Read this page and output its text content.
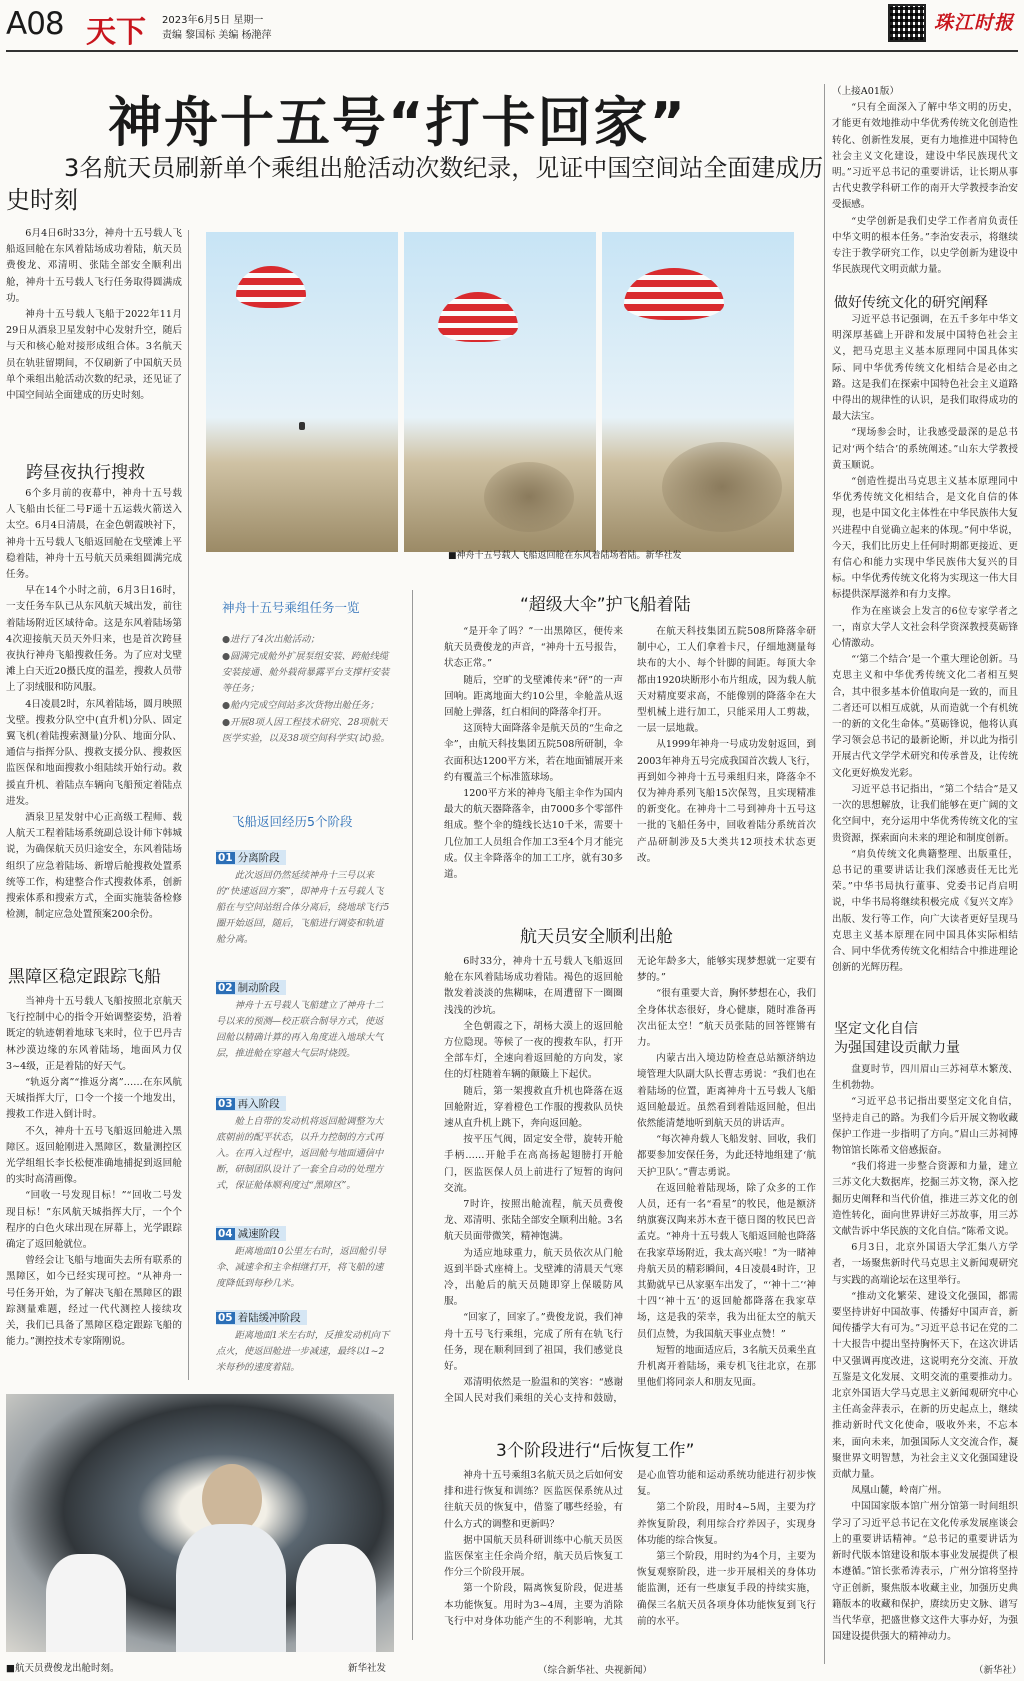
A08 天下 2023年6月5日 星期一
责编 黎国标 美编 杨滟萍
珠江时报
神舟十五号“打卡回家”
3名航天员刷新单个乘组出舱活动次数纪录，见证中国空间站全面建成历史时刻

6月4日6时33分，神舟十五号载人飞船返回舱在东风着陆场成功着陆，航天员费俊龙、邓清明、张陆全部安全顺利出舱，神舟十五号载人飞行任务取得圆满成功。

神舟十五号载人飞船于2022年11月29日从酒泉卫星发射中心发射升空，随后与天和核心舱对接形成组合体。3名航天员在轨驻留期间，不仅刷新了中国航天员单个乘组出舱活动次数的纪录，还见证了中国空间站全面建成的历史时刻。

跨昼夜执行搜救

6个多月前的夜幕中，神舟十五号载人飞船由长征二号F遥十五运载火箭送入太空。6月4日清晨，在金色朝霞映衬下，神舟十五号载人飞船返回舱在戈壁滩上平稳着陆，神舟十五号航天员乘组圆满完成任务。

早在14个小时之前，6月3日16时，一支任务车队已从东风航天城出发，前往着陆场附近区域待命。这是东风着陆场第4次迎接航天员天外归来，也是首次跨昼夜执行神舟飞船搜救任务。为了应对戈壁滩上白天近20摄氏度的温差，搜救人员带上了羽绒服和防风服。

4日凌晨2时，东风着陆场，圆月映照戈壁。搜救分队空中(直升机)分队、固定翼飞机(着陆搜索测量)分队、地面分队、通信与指挥分队、搜救支援分队、搜救医监医保和地面搜救小组陆续开始行动。救援直升机、着陆点车辆向飞船预定着陆点进发。

酒泉卫星发射中心正高级工程师、载人航天工程着陆场系统副总设计师卞韩城说，为确保航天员归途安全，东风着陆场组织了应急着陆场、新增后舱搜救处置系统等工作，构建整合作式搜救体系，创新搜索体系和搜索方式，全面实施装备检修检测，制定应急处置预案200余份。

黑障区稳定跟踪飞船

当神舟十五号载人飞船按照北京航天飞行控制中心的指令开始调整姿势，沿着既定的轨迹朝着地球飞来时，位于巴丹吉林沙漠边缘的东风着陆场，地面风力仅3~4级，正是着陆的好天气。

“轨返分离”“推返分离”……在东风航天城指挥大厅，口令一个接一个地发出，搜救工作进入倒计时。

不久，神舟十五号飞船返回舱进入黑障区。返回舱刚进入黑障区，数量测控区光学组组长李长松便准确地捕捉到返回舱的实时高清画像。

“回收一号发现目标！”“回收二号发现目标！”东风航天城指挥大厅，一个个程序的白色火球出现在屏幕上，光学跟踪确定了返回舱就位。

曾经会让飞船与地面失去所有联系的黑障区，如今已经实现可控。“从神舟一号任务开始，为了解决飞船在黑障区的跟踪测量难题，经过一代代测控人接续攻关，我们已具备了黑障区稳定跟踪飞船的能力。”测控技术专家隋刚说。

■神舟十五号载人飞船返回舱在东风着陆场着陆。新华社发
神舟十五号乘组任务一览
●进行了4次出舱活动；
●圆满完成舱外扩展泵组安装、跨舱线缆安装接通、舱外载荷暴露平台支撑杆安装等任务；
●舱内完成空间站多次货物出舱任务；
●开展8项人因工程技术研究、28项航天医学实验，以及38项空间科学实(试)验。
飞船返回经历5个阶段
01 分离阶段
此次返回仍然延续神舟十三号以来的“快速返回方案”，即神舟十五号载人飞船在与空间站组合体分离后，绕地球飞行5圈开始返回，随后，飞船进行调姿和轨道舱分离。
02 制动阶段
神舟十五号载人飞船建立了神舟十二号以来的预测—校正联合制导方式，使返回舱以精确计算的再入角度进入地球大气层，推进舱在穿越大气层时烧毁。
03 再入阶段
舱上自带的发动机将返回舱调整为大底朝前的配平状态，以升力控制的方式再入。在再入过程中，返回舱与地面通信中断，研制团队设计了一套全自动的处理方式，保证舱体顺利度过“黑障区”。
04 减速阶段
距离地面10公里左右时，返回舱引导伞、减速伞和主伞相继打开，将飞船的速度降低到每秒几米。
05 着陆缓冲阶段
距离地面1米左右时，反推发动机向下点火，使返回舱进一步减速，最终以1~2米每秒的速度着陆。
“超级大伞”护飞船着陆

“是开伞了吗？”一出黑障区，便传来航天员费俊龙的声音，“神舟十五号报告，状态正常。”

随后，空旷的戈壁滩传来“砰”的一声回响。距离地面大约10公里，伞舱盖从返回舱上弹落，红白相间的降落伞打开。

这顶特大面降落伞是航天员的“生命之伞”，由航天科技集团五院508所研制，伞衣面积达1200平方米，若在地面铺展开来约有覆盖三个标准篮球场。

1200平方米的神舟飞船主伞作为国内最大的航天器降落伞，由7000多个零部件组成。整个伞的缝线长达10千米，需要十几位加工人员组合作加工3至4个月才能完成。仅主伞降落伞的加工工序，就有30多道。

在航天科技集团五院508所降落伞研制中心，工人们拿着卡尺，仔细地测量每块布的大小、每个针脚的间距。每顶大伞都由1920块断形小布片组成，因为载人航天对精度要求高，不能像别的降落伞在大型机械上进行加工，只能采用人工剪裁，一层一层地裁。

从1999年神舟一号成功发射返回，到2003年神舟五号完成我国首次载人飞行，再到如今神舟十五号乘组归来，降落伞不仅为神舟系列飞船15次保驾，且实现精准的新变化。在神舟十二号到神舟十五号这一批的飞船任务中，回收着陆分系统首次产品研制涉及5大类共12项技术状态更改。

航天员安全顺利出舱

6时33分，神舟十五号载人飞船返回舱在东风着陆场成功着陆。褐色的返回舱散发着淡淡的焦糊味，在周遭留下一圈圈浅浅的沙坑。

全色朝霞之下，胡杨大漠上的返回舱方位隐现。等候了一夜的搜救车队，打开全部车灯，全速向着返回舱的方向发，家住的灯柱随着车辆的颠簸上下起伏。

随后，第一架搜救直升机也降落在返回舱附近，穿着橙色工作服的搜救队员快速从直升机上跳下，奔向返回舱。

按平压气阀，固定安全带，旋转开舱手柄……开舱手在高高扬起翅膀打开舱门，医监医保人员上前进行了短暂的询问交流。

7时许，按照出舱流程，航天员费俊龙、邓清明、张陆全部安全顺利出舱。3名航天员面带微笑，精神饱满。

为适应地球重力，航天员依次从门舱返到半卧式座椅上。戈壁滩的清晨天气寒冷，出舱后的航天员随即穿上保暖防风服。

“回家了，回家了。”费俊龙说，我们神舟十五号飞行乘组，完成了所有在轨飞行任务，现在顺利回到了祖国，我们感觉良好。

邓清明依然是一脸温和的笑容：“感谢全国人民对我们乘组的关心支持和鼓励，无论年龄多大，能够实现梦想就一定要有梦的。”

“很有重要大音，胸怀梦想在心，我们全身体状态很好，身心健康，随时准备再次出征太空！”航天员张陆的回答铿锵有力。

内蒙古出入境边防检查总站额济纳边境管理大队副大队长曹志勇说：“我们也在着陆场的位置，距离神舟十五号载人飞船返回舱最近。虽然看到着陆返回舱，但出依然能清楚地听到航天员的讲话声。

“每次神舟载人飞船发射、回收，我们都要参加安保任务，为此还特地组建了‘航天护卫队’。”曹志勇说。

在返回舱着陆现场，除了众多的工作人员，还有一名“看星”的牧民，他是额济纳旗赛汉陶来苏木查干德日图的牧民巴音孟克。“神舟十五号载人飞船返回舱也降落在我家草场附近，我太高兴啦！”为一睹神舟航天员的精彩瞬间，4日凌晨4时许，卫其勤就早已从家驱车出发了，“‘神十二’‘神十四’‘神十五’的返回舱都降落在我家草场，这是我的荣幸，我为出征太空的航天员们点赞，为我国航天事业点赞！”

短暂的地面适应后，3名航天员乘坐直升机离开着陆场，乘专机飞往北京，在那里他们将同亲人和朋友见面。

3个阶段进行“后恢复工作”

神舟十五号乘组3名航天员之后如何安排和进行恢复和训练？医监医保系统从过往航天员的恢复中，借鉴了哪些经验，有什么方式的调整和更新吗？

据中国航天员科研训练中心航天员医监医保室主任余尚介绍，航天员后恢复工作分三个阶段开展。

第一个阶段，隔离恢复阶段，促进基本功能恢复。用时为3~4周，主要为消除飞行中对身体功能产生的不利影响，尤其是心血管功能和运动系统功能进行初步恢复。

第二个阶段，用时4~5周，主要为疗养恢复阶段，利用综合疗养因子，实现身体功能的综合恢复。

第三个阶段，用时约为4个月，主要为恢复观察阶段，进一步开展相关的身体功能监测，还有一些康复手段的持续实施，确保三名航天员各项身体功能恢复到飞行前的水平。

■航天员费俊龙出舱时刻。	新华社发	（综合新华社、央视新闻）
（上接A01版）

“只有全面深入了解中华文明的历史，才能更有效地推动中华优秀传统文化创造性转化、创新性发展，更有力地推进中国特色社会主义文化建设，建设中华民族现代文明。”习近平总书记的重要讲话，让长期从事古代史教学科研工作的南开大学教授李治安受振感。

“史学创新是我们史学工作者肩负责任中华文明的根本任务。”李治安表示，将继续专注于教学研究工作，以史学创新为建设中华民族现代文明贡献力量。

做好传统文化的研究阐释

习近平总书记强调，在五千多年中华文明深厚基础上开辟和发展中国特色社会主义，把马克思主义基本原理同中国具体实际、同中华优秀传统文化相结合是必由之路。这是我们在探索中国特色社会主义道路中得出的规律性的认识，是我们取得成功的最大法宝。

“现场参会时，让我感受最深的是总书记对‘两个结合’的系统阐述。”山东大学教授黄玉顺说。

“创造性提出马克思主义基本原理同中华优秀传统文化相结合，是文化自信的体现，也是中国文化主体性在中华民族伟大复兴进程中自觉确立起来的体现。”何中华说，今天，我们比历史上任何时期都更接近、更有信心和能力实现中华民族伟大复兴的目标。中华优秀传统文化将为实现这一伟大目标提供深厚滋养和有力支撑。

作为在座谈会上发言的6位专家学者之一，南京大学人文社会科学资深教授莫砺锋心情激动。

“‘第二个结合’是一个重大理论创新。马克思主义和中华优秀传统文化二者相互契合，其中很多基本价值取向是一致的，而且二者还可以相互成就，从而造就一个有机统一的新的文化生命体。”莫砺锋说，他将认真学习领会总书记的最新论断，并以此为指引开展古代文学学术研究和传承普及，让传统文化更好焕发光彩。

习近平总书记指出，“第二个结合”是又一次的思想解放，让我们能够在更广阔的文化空间中，充分运用中华优秀传统文化的宝贵资源，探索面向未来的理论和制度创新。

“肩负传统文化典籍整理、出版重任，总书记的重要讲话让我们深感责任无比光荣。”中华书局执行董事、党委书记肖启明说，中华书局将继续积极完成《复兴文库》出版、发行等工作，向广大读者更好呈现马克思主义基本原理在同中国具体实际相结合、同中华优秀传统文化相结合中推进理论创新的光辉历程。

坚定文化自信
为强国建设贡献力量

盘夏时节，四川眉山三苏祠草木繁茂、生机勃勃。

“习近平总书记指出要坚定文化自信，坚持走自己的路。为我们今后开展文物收藏保护工作进一步指明了方向。”眉山三苏祠博物馆馆长陈希文倍感振奋。

“我们将进一步整合资源和力量，建立三苏文化大数据库，挖掘三苏文物，深入挖掘历史阐释和当代价值，推进三苏文化的创造性转化，面向世界讲好三苏故事，用三苏文献告诉中华民族的文化自信。”陈希文说。

6月3日，北京外国语大学汇集八方学者，一场聚焦新时代马克思主义新闻观研究与实践的高端论坛在这里举行。

“推动文化繁荣、建设文化强国，都需要坚持讲好中国故事、传播好中国声音，新闻传播学大有可为。”习近平总书记在党的二十大报告中提出坚持胸怀天下，在这次讲话中又强调再度改进，这说明充分交流、开放互鉴是文化发展、文明交流的重要推动力。北京外国语大学马克思主义新闻观研究中心主任高金萍表示，在新的历史起点上，继续推动新时代文化使命，吸收外来，不忘本来，面向未来，加强国际人文交流合作，凝聚世界文明智慧，为社会主义文化强国建设贡献力量。

凤凰山麓，岭南广州。

中国国家版本馆广州分馆第一时间组织学习了习近平总书记在文化传承发展座谈会上的重要讲话精神。“总书记的重要讲话为新时代版本馆建设和版本事业发展提供了根本遵循。”馆长张希涛表示，广州分馆将坚持守正创新，聚焦版本收藏主业，加强历史典籍版本的收藏和保护，赓续历史文脉、谱写当代华章，把盛世修文这件大事办好，为强国建设提供强大的精神动力。

（新华社）
